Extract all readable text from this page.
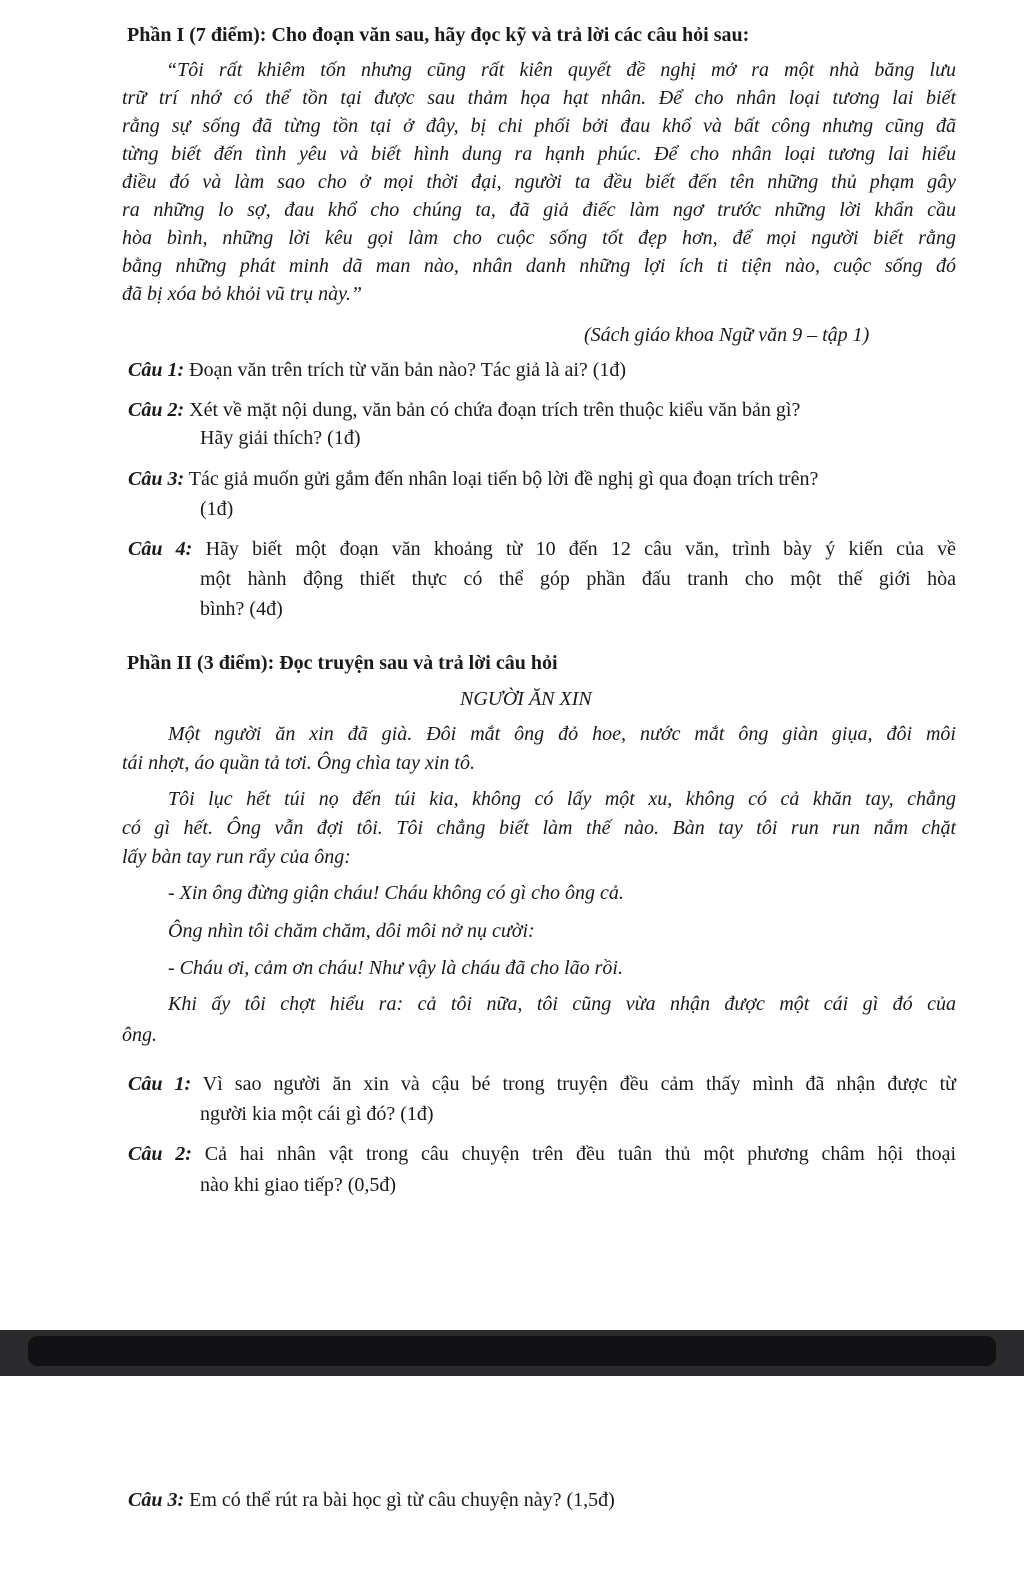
Phần I (7 điểm): Cho đoạn văn sau, hãy đọc kỹ và trả lời các câu hỏi sau:
“Tôi rất khiêm tốn nhưng cũng rất kiên quyết đề nghị mở ra một nhà băng lưu
trữ trí nhớ có thể tồn tại được sau thảm họa hạt nhân. Để cho nhân loại tương lai biết
rằng sự sống đã từng tồn tại ở đây, bị chi phối bởi đau khổ và bất công nhưng cũng đã
từng biết đến tình yêu và biết hình dung ra hạnh phúc. Để cho nhân loại tương lai hiểu
điều đó và làm sao cho ở mọi thời đại, người ta đều biết đến tên những thủ phạm gây
ra những lo sợ, đau khổ cho chúng ta, đã giả điếc làm ngơ trước những lời khẩn cầu
hòa bình, những lời kêu gọi làm cho cuộc sống tốt đẹp hơn, để mọi người biết rằng
bằng những phát minh dã man nào, nhân danh những lợi ích ti tiện nào, cuộc sống đó
đã bị xóa bỏ khỏi vũ trụ này.”
(Sách giáo khoa Ngữ văn 9 – tập 1)
Câu 1: Đoạn văn trên trích từ văn bản nào? Tác giả là ai? (1đ)
Câu 2: Xét về mặt nội dung, văn bản có chứa đoạn trích trên thuộc kiểu văn bản gì?
Hãy giải thích? (1đ)
Câu 3: Tác giả muốn gửi gắm đến nhân loại tiến bộ lời đề nghị gì qua đoạn trích trên?
(1đ)
Câu 4: Hãy biết một đoạn văn khoảng từ 10 đến 12 câu văn, trình bày ý kiến của về
một hành động thiết thực có thể góp phần đấu tranh cho một thế giới hòa
bình? (4đ)
Phần II (3 điểm): Đọc truyện sau và trả lời câu hỏi
NGƯỜI ĂN XIN
Một người ăn xin đã già. Đôi mắt ông đỏ hoe, nước mắt ông giàn giụa, đôi môi
tái nhợt, áo quần tả tơi. Ông chìa tay xin tô.
Tôi lục hết túi nọ đến túi kia, không có lấy một xu, không có cả khăn tay, chẳng
có gì hết. Ông vẫn đợi tôi. Tôi chẳng biết làm thế nào. Bàn tay tôi run run nắm chặt
lấy bàn tay run rẩy của ông:
- Xin ông đừng giận cháu! Cháu không có gì cho ông cả.
Ông nhìn tôi chăm chăm, dôi môi nở nụ cười:
- Cháu ơi, cảm ơn cháu! Như vậy là cháu đã cho lão rồi.
Khi ấy tôi chợt hiểu ra: cả tôi nữa, tôi cũng vừa nhận được một cái gì đó của
ông.
Câu 1: Vì sao người ăn xin và cậu bé trong truyện đều cảm thấy mình đã nhận được từ
người kia một cái gì đó? (1đ)
Câu 2: Cả hai nhân vật trong câu chuyện trên đều tuân thủ một phương châm hội thoại
nào khi giao tiếp? (0,5đ)
Câu 3: Em có thể rút ra bài học gì từ câu chuyện này? (1,5đ)
